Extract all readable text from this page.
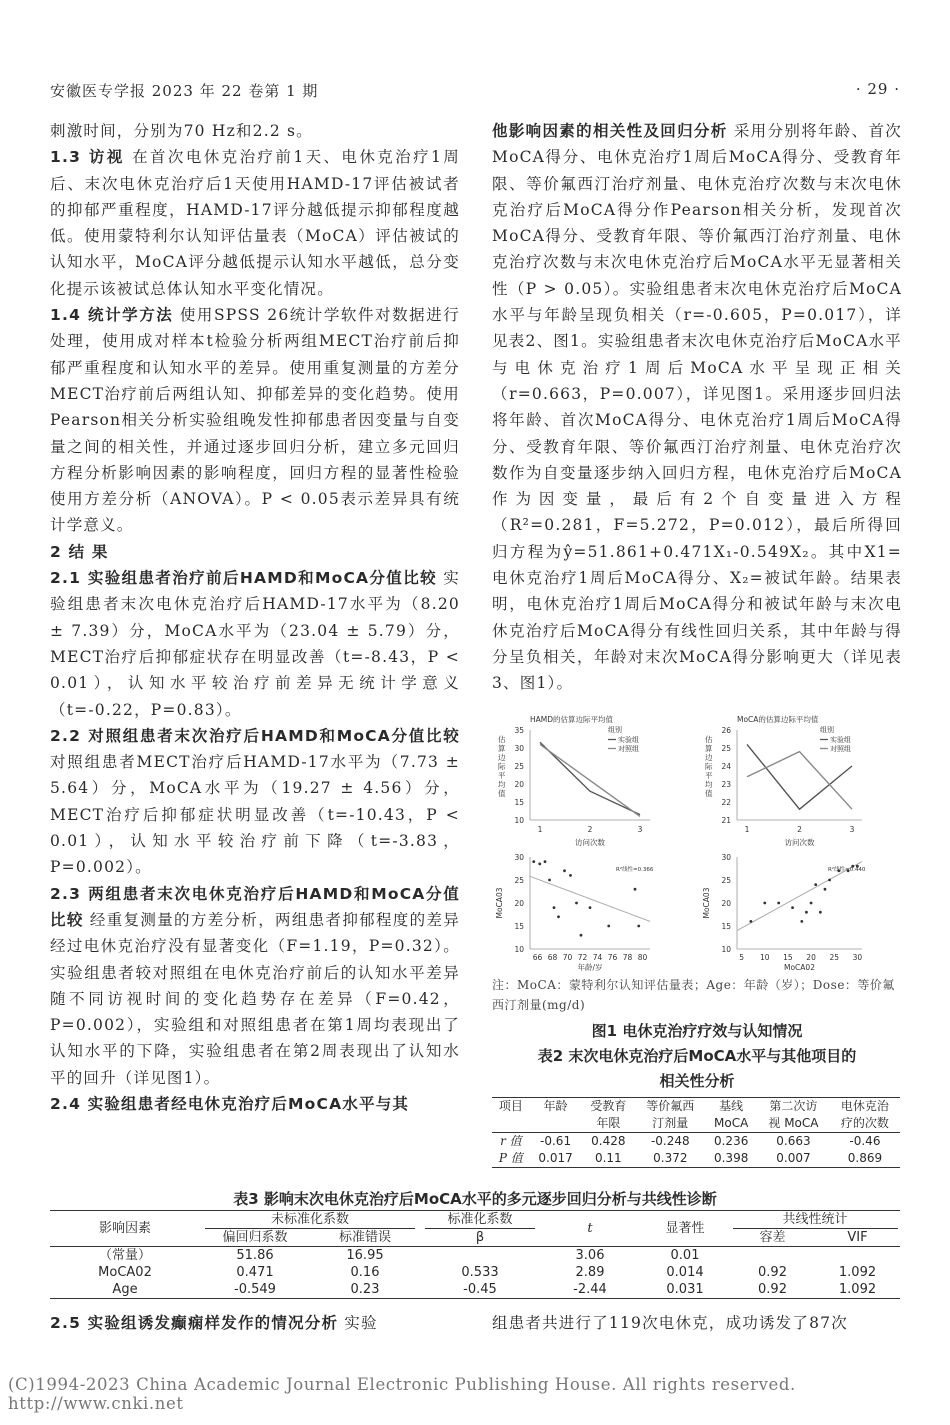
安徽医专学报 2023 年 22 卷第 1 期	· 29 ·

刺激时间，分别为70 Hz和2.2 s。

1.3 访视 在首次电休克治疗前1天、电休克治疗1周后、末次电休克治疗后1天使用HAMD-17评估被试者的抑郁严重程度，HAMD-17评分越低提示抑郁程度越低。使用蒙特利尔认知评估量表（MoCA）评估被试的认知水平，MoCA评分越低提示认知水平越低，总分变化提示该被试总体认知水平变化情况。

1.4 统计学方法 使用SPSS 26统计学软件对数据进行处理，使用成对样本t检验分析两组MECT治疗前后抑郁严重程度和认知水平的差异。使用重复测量的方差分MECT治疗前后两组认知、抑郁差异的变化趋势。使用Pearson相关分析实验组晚发性抑郁患者因变量与自变量之间的相关性，并通过逐步回归分析，建立多元回归方程分析影响因素的影响程度，回归方程的显著性检验使用方差分析（ANOVA）。P < 0.05表示差异具有统计学意义。

2 结 果

2.1 实验组患者治疗前后HAMD和MoCA分值比较 实验组患者末次电休克治疗后HAMD-17水平为（8.20 ± 7.39）分，MoCA水平为（23.04 ± 5.79）分，MECT治疗后抑郁症状存在明显改善（t=-8.43，P < 0.01），认知水平较治疗前差异无统计学意义（t=-0.22，P=0.83）。

2.2 对照组患者末次治疗后HAMD和MoCA分值比较 对照组患者MECT治疗后HAMD-17水平为（7.73 ± 5.64）分，MoCA水平为（19.27 ± 4.56）分，MECT治疗后抑郁症状明显改善（t=-10.43，P < 0.01），认知水平较治疗前下降（t=-3.83，P=0.002）。

2.3 两组患者末次电休克治疗后HAMD和MoCA分值比较 经重复测量的方差分析，两组患者抑郁程度的差异经过电休克治疗没有显著变化（F=1.19，P=0.32）。实验组患者较对照组在电休克治疗前后的认知水平差异随不同访视时间的变化趋势存在差异（F=0.42，P=0.002），实验组和对照组患者在第1周均表现出了认知水平的下降，实验组患者在第2周表现出了认知水平的回升（详见图1）。

2.4 实验组患者经电休克治疗后MoCA水平与其

他影响因素的相关性及回归分析 采用分别将年龄、首次MoCA得分、电休克治疗1周后MoCA得分、受教育年限、等价氟西汀治疗剂量、电休克治疗次数与末次电休克治疗后MoCA得分作Pearson相关分析，发现首次MoCA得分、受教育年限、等价氟西汀治疗剂量、电休克治疗次数与末次电休克治疗后MoCA水平无显著相关性（P > 0.05）。实验组患者末次电休克治疗后MoCA水平与年龄呈现负相关（r=-0.605，P=0.017），详见表2、图1。实验组患者末次电休克治疗后MoCA水平与电休克治疗1周后MoCA水平呈现正相关（r=0.663，P=0.007），详见图1。采用逐步回归法将年龄、首次MoCA得分、电休克治疗1周后MoCA得分、受教育年限、等价氟西汀治疗剂量、电休克治疗次数作为自变量逐步纳入回归方程，电休克治疗后MoCA作为因变量，最后有2个自变量进入方程（R²=0.281，F=5.272，P=0.012），最后所得回归方程为ŷ=51.861+0.471X₁-0.549X₂。其中X1=电休克治疗1周后MoCA得分、X₂=被试年龄。结果表明，电休克治疗1周后MoCA得分和被试年龄与末次电休克治疗后MoCA得分有线性回归关系，其中年龄与得分呈负相关，年龄对末次MoCA得分影响更大（详见表3、图1）。

35
30
25
20
15
10
HAMD的估算边际平均值
估
算
边
际
平
均
值
1	2	3
访问次数
组别
实验组
对照组
26
25
24
23
22
21
MoCA的估算边际平均值
估
算
边
际
平
均
值
1	2	3
访问次数
组别
实验组
对照组
30
25
20
15
10
66 68 70 72 74 76 78 80
年龄/岁
MoCA03
R²线性=0.366
30
25
20
15
10
5 10 15 20 25 30
MoCA02
MoCA03
R²线性=0.440
注：MoCA：蒙特利尔认知评估量表；Age：年龄（岁）；Dose：等价氟西汀剂量(mg/d)
图1 电休克治疗疗效与认知情况
表2 末次电休克治疗后MoCA水平与其他项目的
相关性分析
项目	年龄	受教育	等价氟西	基线	第二次访	电休克治
		年限	汀剂量	MoCA	视 MoCA	疗的次数
r 值	-0.61	0.428	-0.248	0.236	0.663	-0.46
P 值	0.017	0.11	0.372	0.398	0.007	0.869
表3 影响末次电休克治疗后MoCA水平的多元逐步回归分析与共线性诊断
影响因素	未标准化系数		标准化系数	t	显著性	共线性统计	
	偏回归系数	标准错误	β			容差	VIF
（常量）	51.86	16.95		3.06	0.01		
MoCA02	0.471	0.16	0.533	2.89	0.014	0.92	1.092
Age	-0.549	0.23	-0.45	-2.44	0.031	0.92	1.092
2.5 实验组诱发癫痫样发作的情况分析 实验	组患者共进行了119次电休克，成功诱发了87次
(C)1994-2023 China Academic Journal Electronic Publishing House. All rights reserved. http://www.cnki.net
